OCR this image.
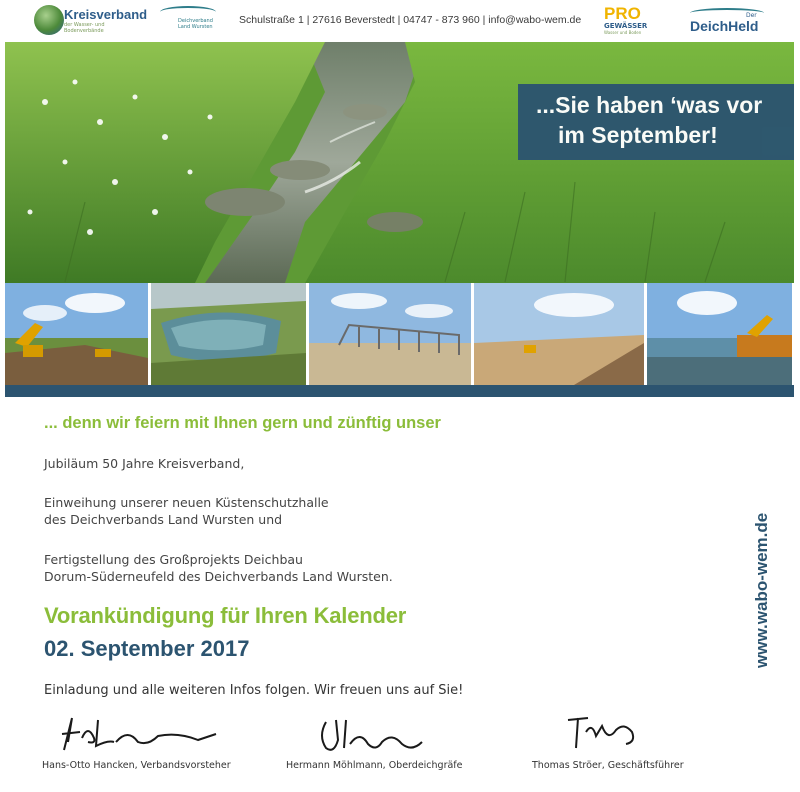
Kreisverband
der Wasser- und Bodenverbände
Deichverband Land Wursten
Schulstraße 1 | 27616 Beverstedt | 04747 - 873 960 | info@wabo-wem.de PRO
GEWÄSSER
Wasser und Boden
Der
DeichHeld
...Sie haben ‘was vor
im September!
... denn wir feiern mit Ihnen gern und zünftig unser
Jubiläum 50 Jahre Kreisverband,
Einweihung unserer neuen Küstenschutzhalle
des Deichverbands Land Wursten und
Fertigstellung des Großprojekts Deichbau
Dorum-Süderneufeld des Deichverbands Land Wursten.
Vorankündigung für Ihren Kalender
02. September 2017
Einladung und alle weiteren Infos folgen. Wir freuen uns auf Sie!
www.wabo-wem.de
Hans-Otto Hancken, Verbandsvorsteher	Hermann Möhlmann, Oberdeichgräfe	Thomas Ströer, Geschäftsführer
